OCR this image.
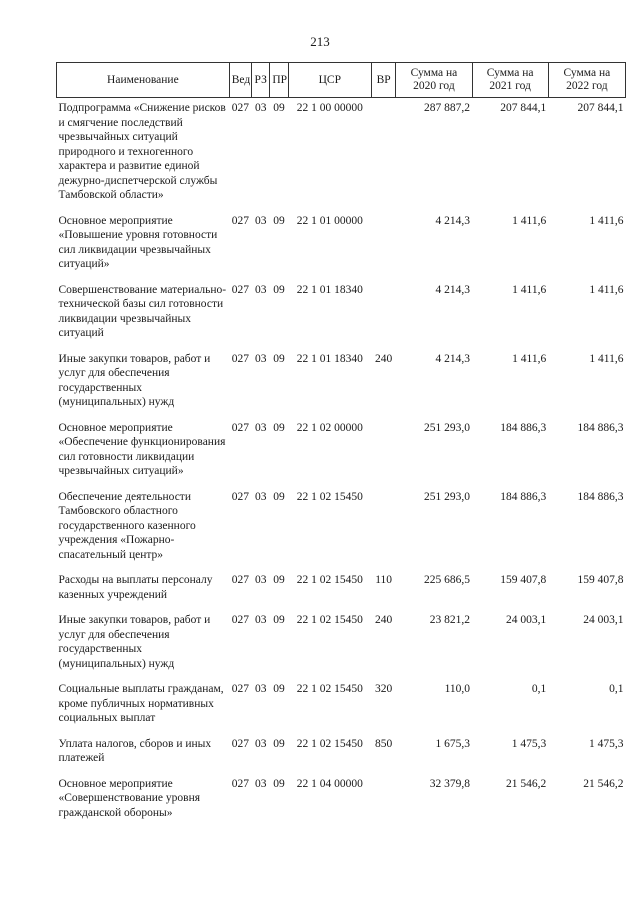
213
Наименование	Вед	РЗ	ПР	ЦСР	ВР	Сумма на 2020 год	Сумма на 2021 год	Сумма на 2022 год
Подпрограмма «Снижение рисков и смягчение последствий чрезвычайных ситуаций природного и техногенного характера и развитие единой дежурно-диспетчерской службы Тамбовской области»	027	03	09	22 1 00 00000		287 887,2	207 844,1	207 844,1
Основное мероприятие «Повышение уровня готовности сил ликвидации чрезвычайных ситуаций»	027	03	09	22 1 01 00000		4 214,3	1 411,6	1 411,6
Совершенствование материально-технической базы сил готовности ликвидации чрезвычайных ситуаций	027	03	09	22 1 01 18340		4 214,3	1 411,6	1 411,6
Иные закупки товаров, работ и услуг для обеспечения государственных (муниципальных) нужд	027	03	09	22 1 01 18340	240	4 214,3	1 411,6	1 411,6
Основное мероприятие «Обеспечение функционирования сил готовности ликвидации чрезвычайных ситуаций»	027	03	09	22 1 02 00000		251 293,0	184 886,3	184 886,3
Обеспечение деятельности Тамбовского областного государственного казенного учреждения «Пожарно-спасательный центр»	027	03	09	22 1 02 15450		251 293,0	184 886,3	184 886,3
Расходы на выплаты персоналу казенных учреждений	027	03	09	22 1 02 15450	110	225 686,5	159 407,8	159 407,8
Иные закупки товаров, работ и услуг для обеспечения государственных (муниципальных) нужд	027	03	09	22 1 02 15450	240	23 821,2	24 003,1	24 003,1
Социальные выплаты гражданам, кроме публичных нормативных социальных выплат	027	03	09	22 1 02 15450	320	110,0	0,1	0,1
Уплата налогов, сборов и иных платежей	027	03	09	22 1 02 15450	850	1 675,3	1 475,3	1 475,3
Основное мероприятие «Совершенствование уровня гражданской обороны»	027	03	09	22 1 04 00000		32 379,8	21 546,2	21 546,2
